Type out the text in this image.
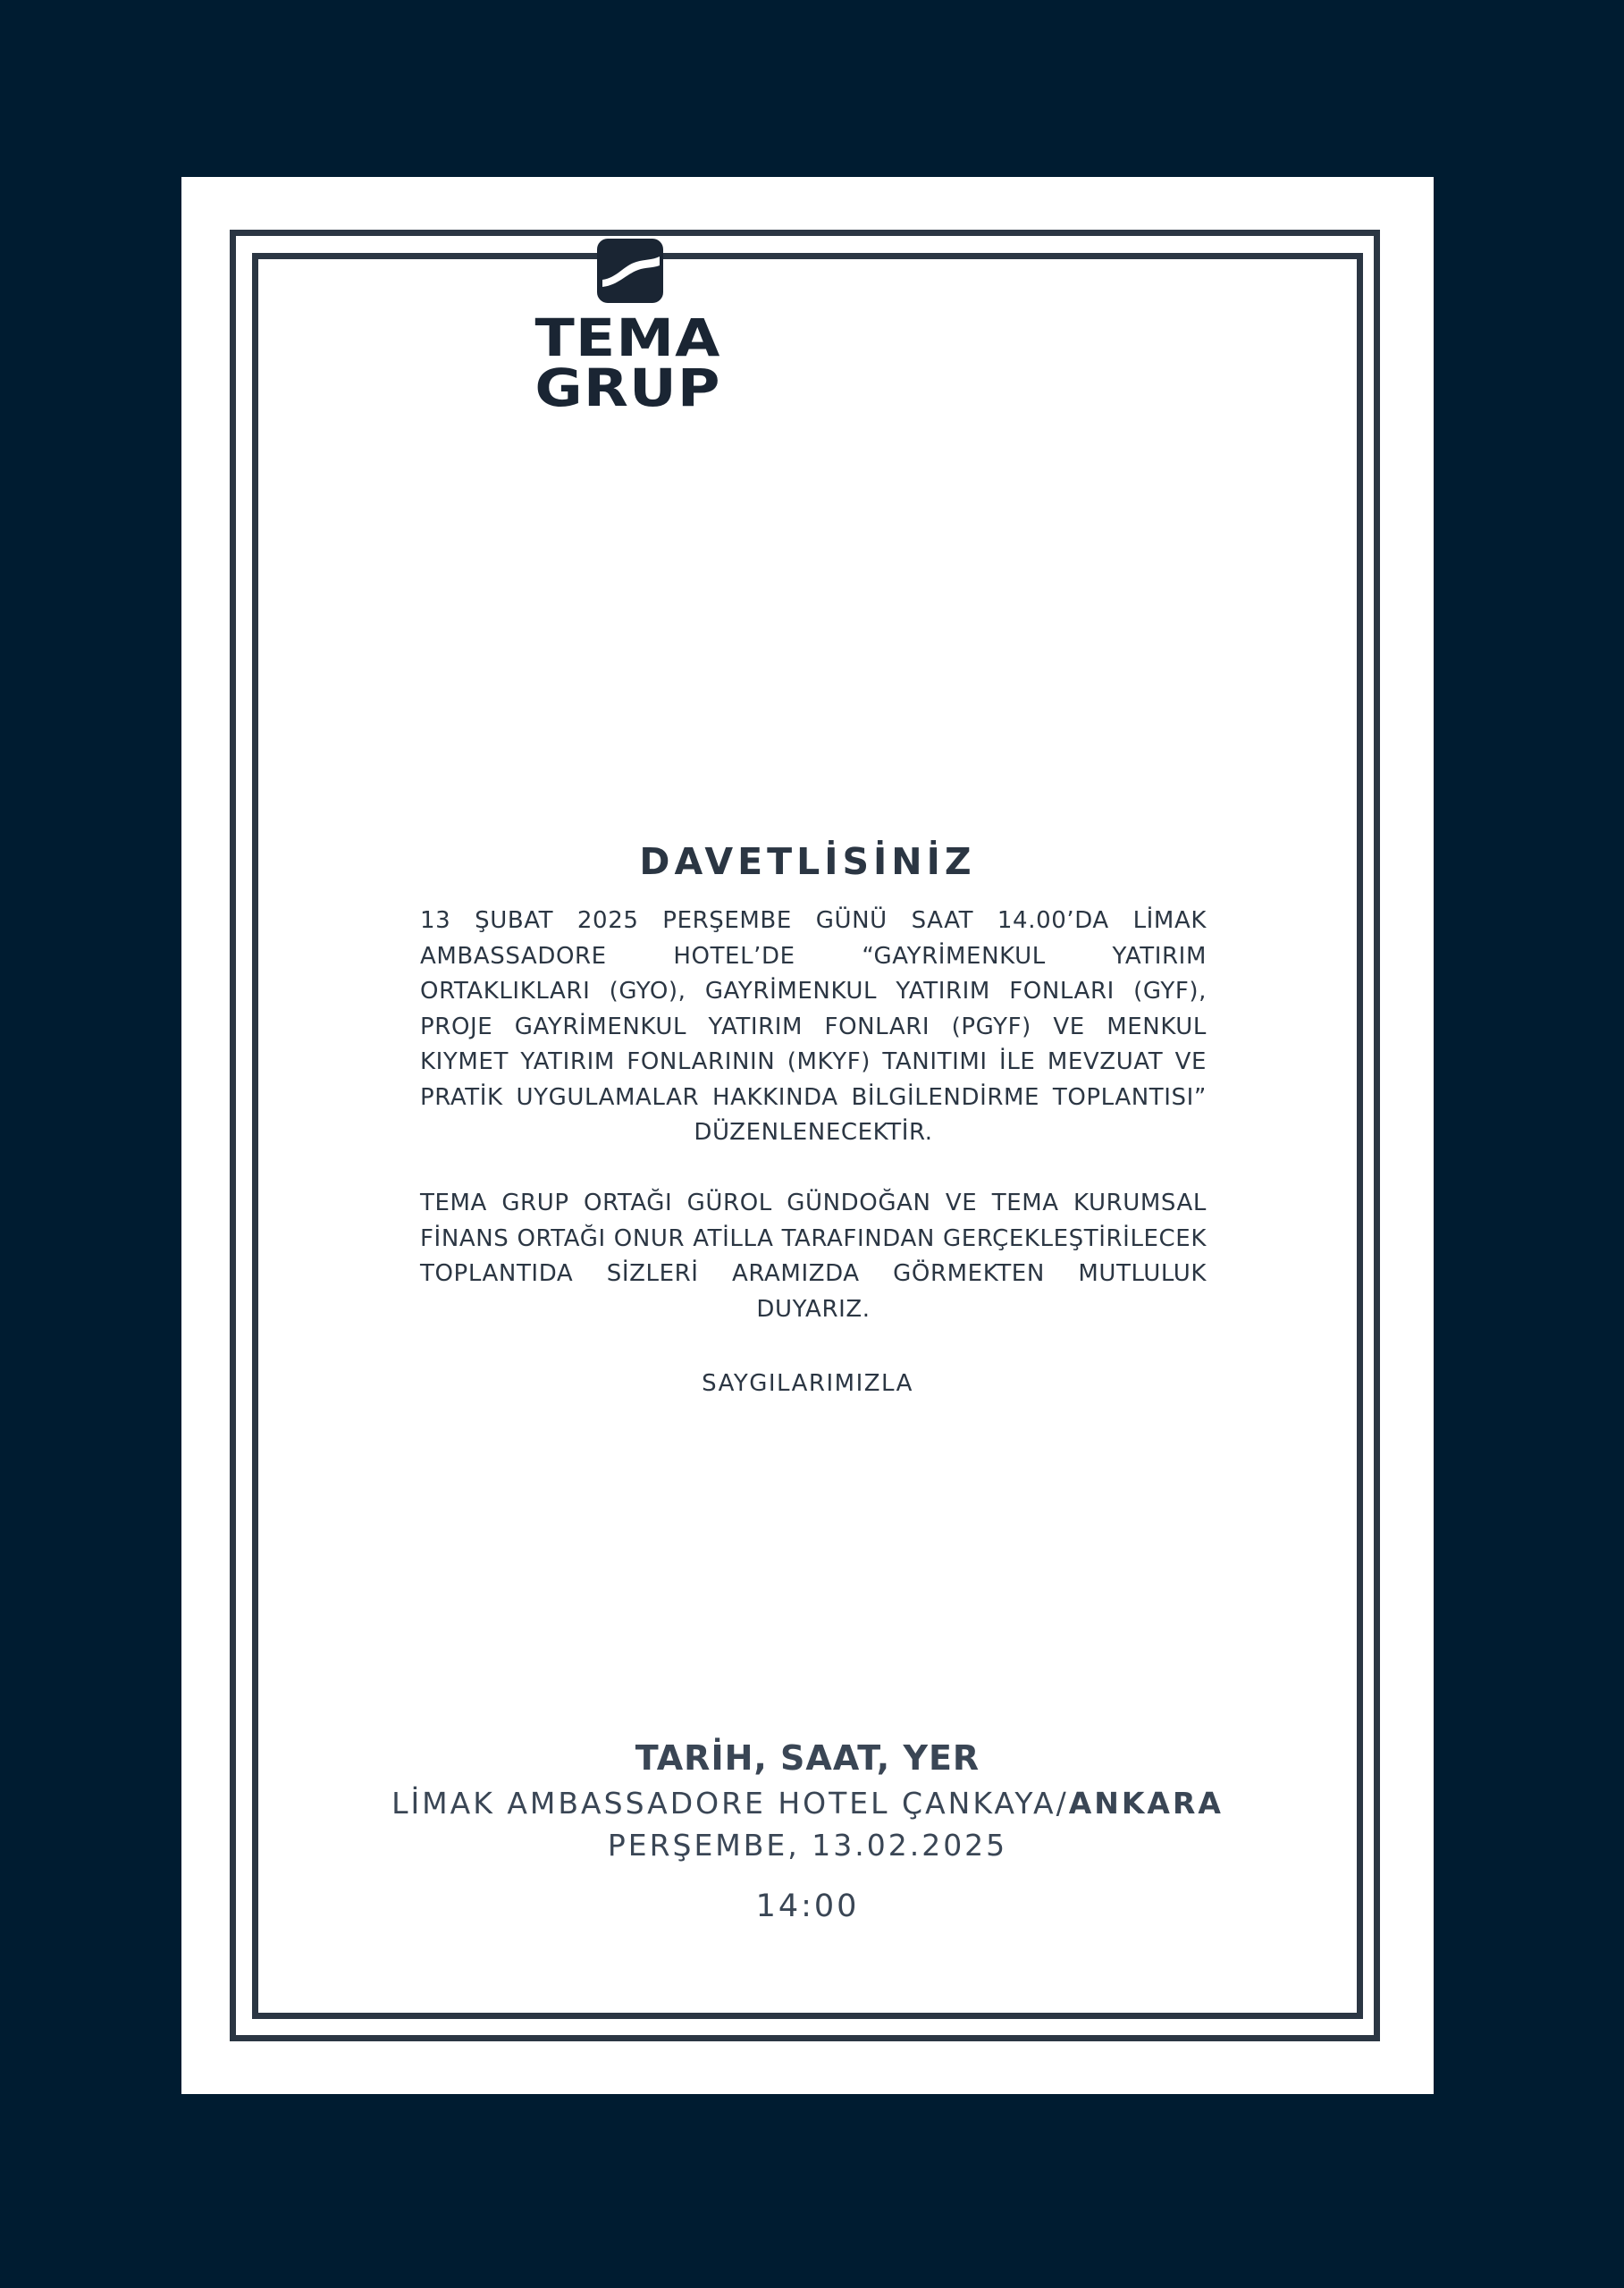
TEMA
GRUP
DAVETLİSİNİZ

13 ŞUBAT 2025 PERŞEMBE GÜNÜ SAAT 14.00’DA LİMAK AMBASSADORE HOTEL’DE “GAYRİMENKUL YATIRIM ORTAKLIKLARI (GYO), GAYRİMENKUL YATIRIM FONLARI (GYF), PROJE GAYRİMENKUL YATIRIM FONLARI (PGYF) VE MENKUL KIYMET YATIRIM FONLARININ (MKYF) TANITIMI İLE MEVZUAT VE PRATİK UYGULAMALAR HAKKINDA BİLGİLENDİRME TOPLANTISI” DÜZENLENECEKTİR.

TEMA GRUP ORTAĞI GÜROL GÜNDOĞAN VE TEMA KURUMSAL FİNANS ORTAĞI ONUR ATİLLA TARAFINDAN GERÇEKLEŞTİRİLECEK TOPLANTIDA SİZLERİ ARAMIZDA GÖRMEKTEN MUTLULUK DUYARIZ.

SAYGILARIMIZLA
TARİH, SAAT, YER
LİMAK AMBASSADORE HOTEL ÇANKAYA/ANKARA
PERŞEMBE, 13.02.2025
14:00
